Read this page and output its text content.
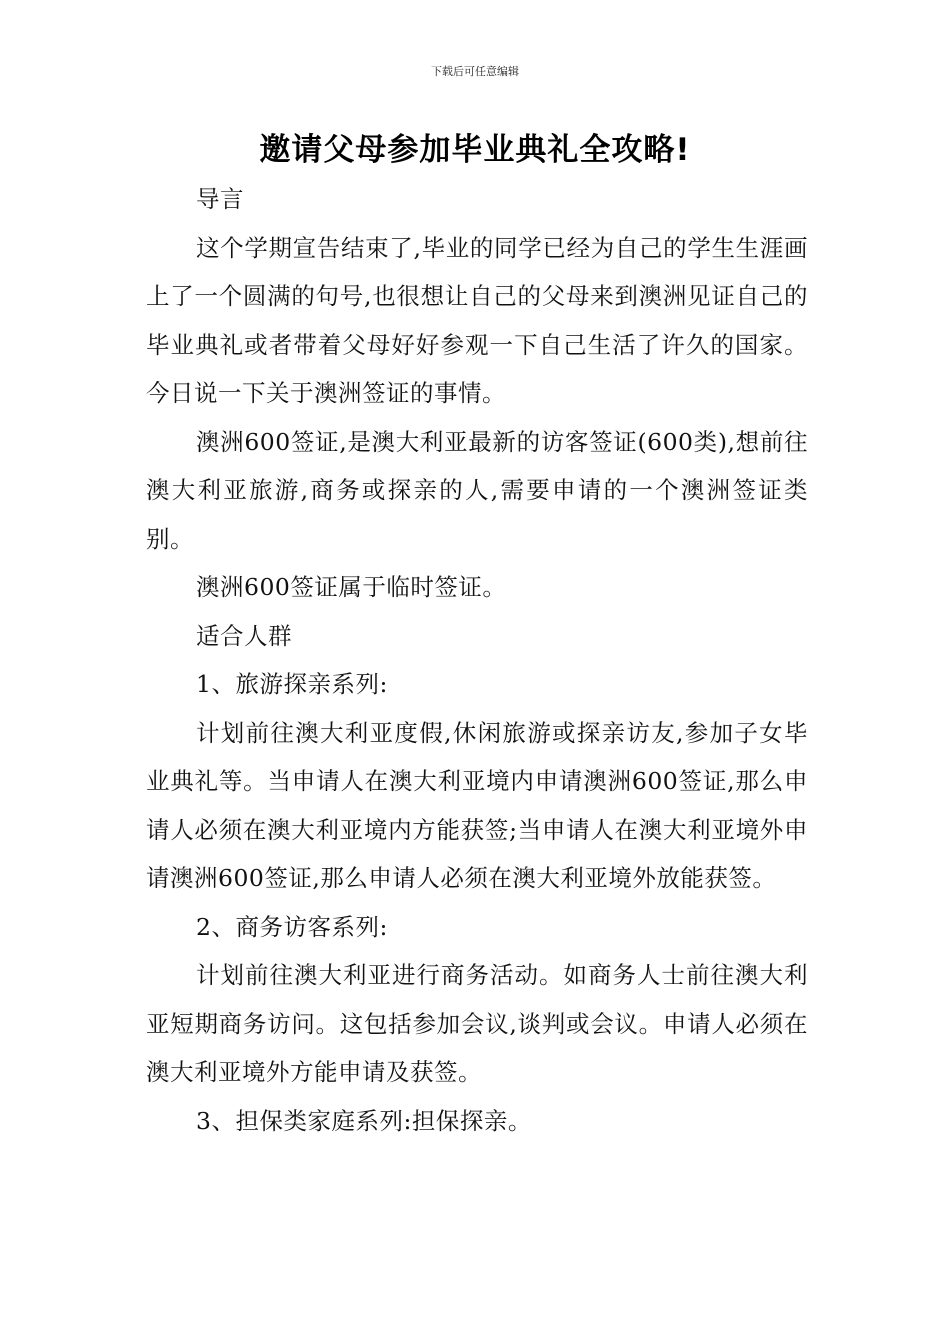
下载后可任意编辑
邀请父母参加毕业典礼全攻略!

导言

这个学期宣告结束了,毕业的同学已经为自己的学生生涯画上了一个圆满的句号,也很想让自己的父母来到澳洲见证自己的毕业典礼或者带着父母好好参观一下自己生活了许久的国家。今日说一下关于澳洲签证的事情。

澳洲600签证,是澳大利亚最新的访客签证(600类),想前往澳大利亚旅游,商务或探亲的人,需要申请的一个澳洲签证类别。

澳洲600签证属于临时签证。

适合人群

1、旅游探亲系列:

计划前往澳大利亚度假,休闲旅游或探亲访友,参加子女毕业典礼等。当申请人在澳大利亚境内申请澳洲600签证,那么申请人必须在澳大利亚境内方能获签;当申请人在澳大利亚境外申请澳洲600签证,那么申请人必须在澳大利亚境外放能获签。

2、商务访客系列:

计划前往澳大利亚进行商务活动。如商务人士前往澳大利亚短期商务访问。这包括参加会议,谈判或会议。申请人必须在澳大利亚境外方能申请及获签。

3、担保类家庭系列:担保探亲。
